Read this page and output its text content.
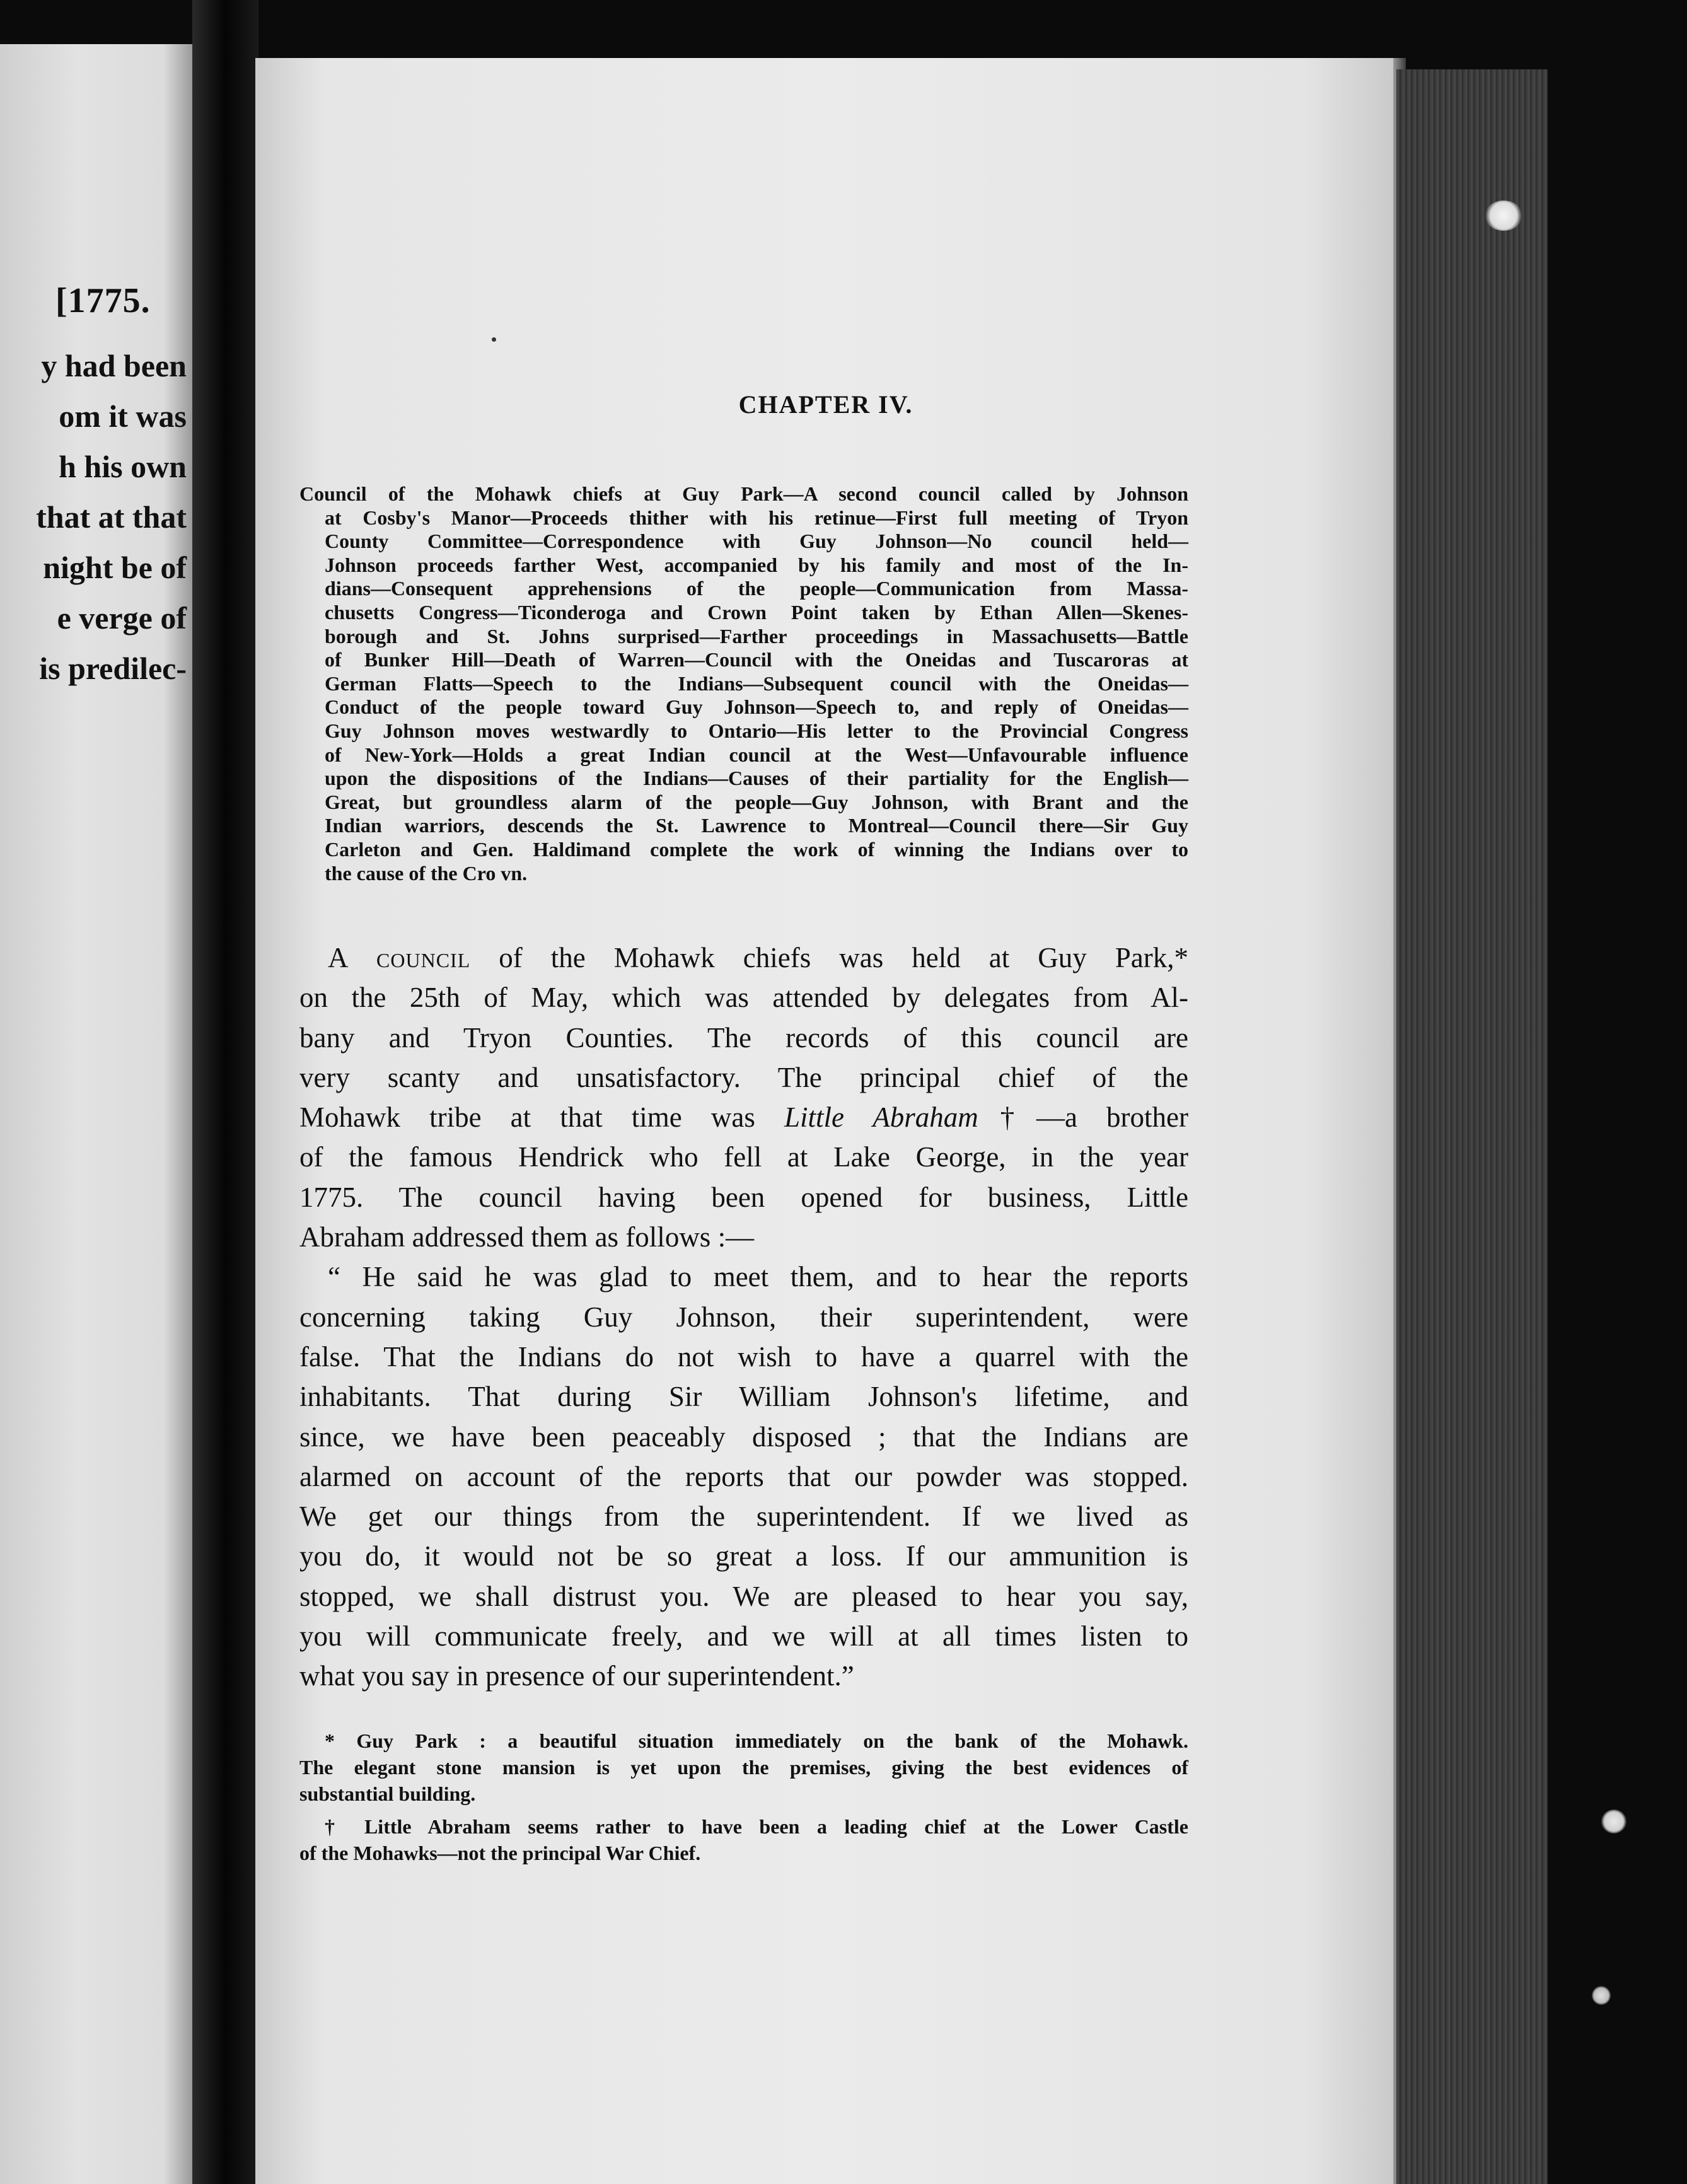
[1775.
y had been
om it was
h his own
that at that
night be of
e verge of
is predilec-
CHAPTER IV.
Council of the Mohawk chiefs at Guy Park—A second council called by Johnson
at Cosby's Manor—Proceeds thither with his retinue—First full meeting of Tryon
County Committee—Correspondence with Guy Johnson—No council held—
Johnson proceeds farther West, accompanied by his family and most of the In-
dians—Consequent apprehensions of the people—Communication from Massa-
chusetts Congress—Ticonderoga and Crown Point taken by Ethan Allen—Skenes-
borough and St. Johns surprised—Farther proceedings in Massachusetts—Battle
of Bunker Hill—Death of Warren—Council with the Oneidas and Tuscaroras at
German Flatts—Speech to the Indians—Subsequent council with the Oneidas—
Conduct of the people toward Guy Johnson—Speech to, and reply of Oneidas—
Guy Johnson moves westwardly to Ontario—His letter to the Provincial Congress
of New-York—Holds a great Indian council at the West—Unfavourable influence
upon the dispositions of the Indians—Causes of their partiality for the English—
Great, but groundless alarm of the people—Guy Johnson, with Brant and the
Indian warriors, descends the St. Lawrence to Montreal—Council there—Sir Guy
Carleton and Gen. Haldimand complete the work of winning the Indians over to
the cause of the Cro vn.
A council of the Mohawk chiefs was held at Guy Park,*
on the 25th of May, which was attended by delegates from Al-
bany and Tryon Counties. The records of this council are
very scanty and unsatisfactory. The principal chief of the
Mohawk tribe at that time was Little Abraham†—a brother
of the famous Hendrick who fell at Lake George, in the year
1775. The council having been opened for business, Little
Abraham addressed them as follows :—
“ He said he was glad to meet them, and to hear the reports
concerning taking Guy Johnson, their superintendent, were
false. That the Indians do not wish to have a quarrel with the
inhabitants. That during Sir William Johnson's lifetime, and
since, we have been peaceably disposed ; that the Indians are
alarmed on account of the reports that our powder was stopped.
We get our things from the superintendent. If we lived as
you do, it would not be so great a loss. If our ammunition is
stopped, we shall distrust you. We are pleased to hear you say,
you will communicate freely, and we will at all times listen to
what you say in presence of our superintendent.”
* Guy Park : a beautiful situation immediately on the bank of the Mohawk.
The elegant stone mansion is yet upon the premises, giving the best evidences of
substantial building.
† Little Abraham seems rather to have been a leading chief at the Lower Castle
of the Mohawks—not the principal War Chief.
